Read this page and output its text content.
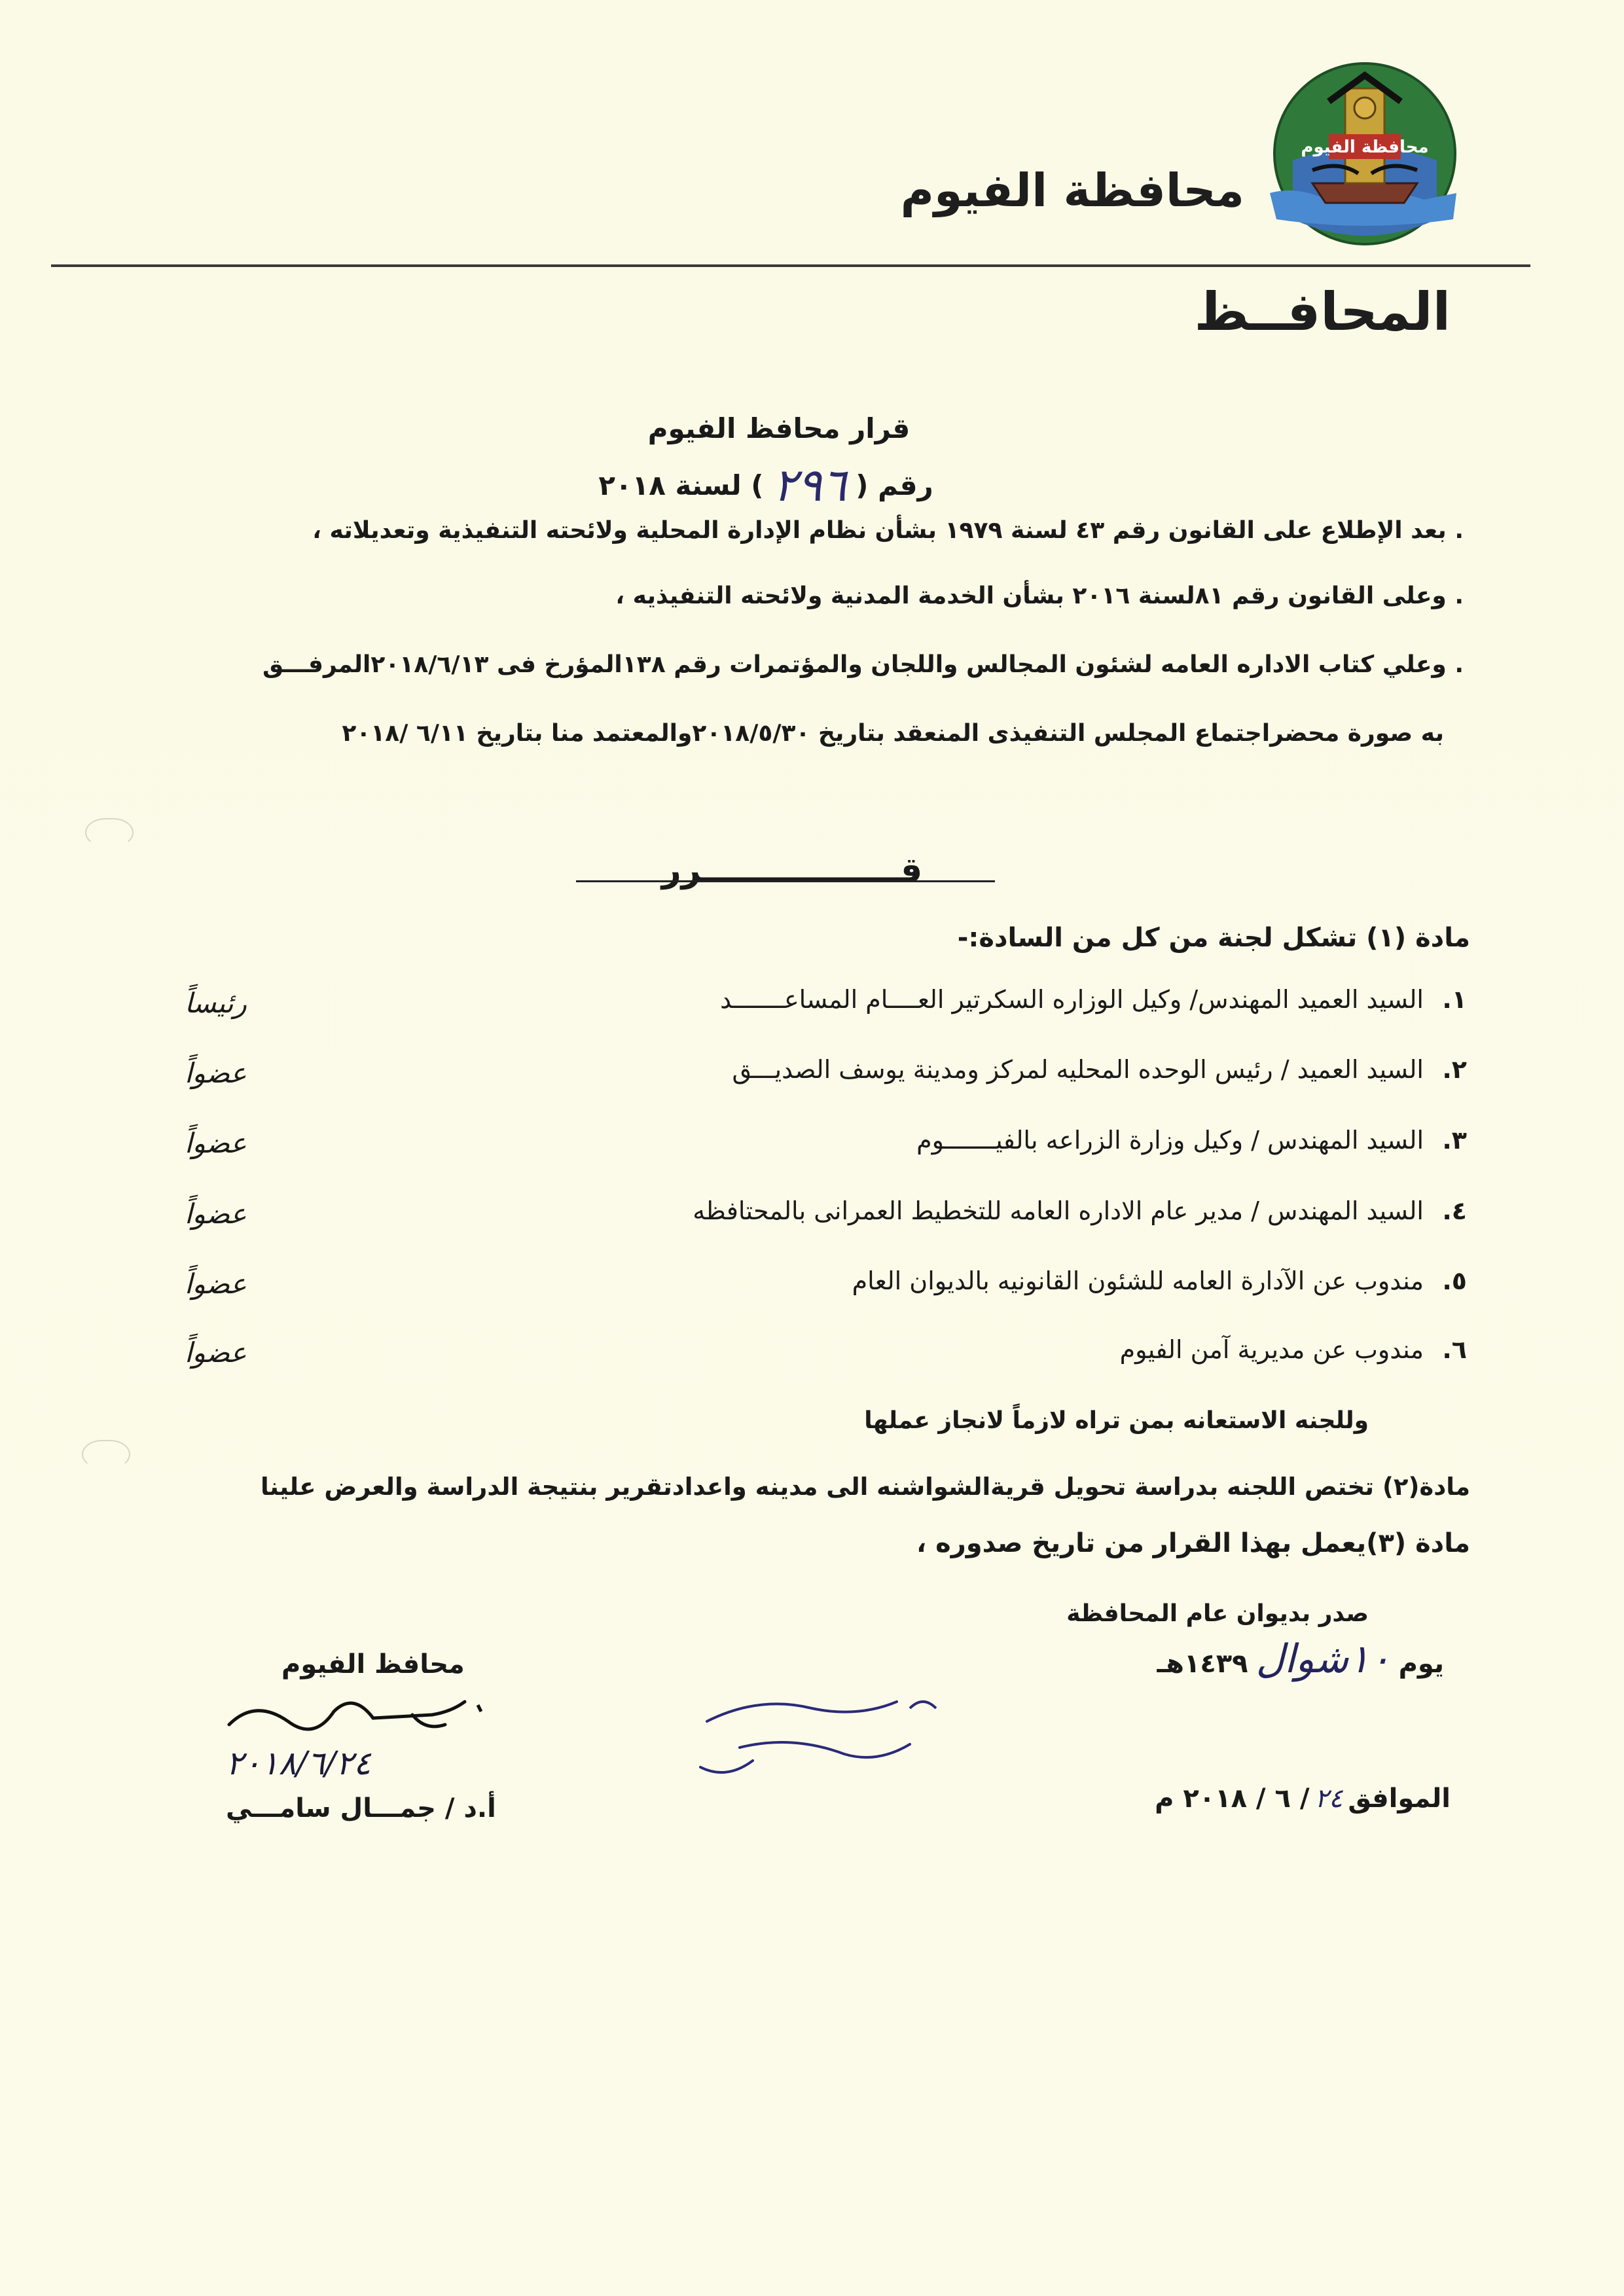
محافظة الفيوم
محافظة الفيوم
المحافــظ
قرار محافظ الفيوم
رقم (
٢٩٦
) لسنة ٢٠١٨
. بعد الإطلاع على القانون رقم ٤٣ لسنة ١٩٧٩ بشأن نظام الإدارة المحلية ولائحته التنفيذية وتعديلاته ،
. وعلى القانون رقم ٨١لسنة ٢٠١٦ بشأن الخدمة المدنية ولائحته التنفيذيه ،
. وعلي كتاب الاداره العامه لشئون المجالس واللجان والمؤتمرات رقم ١٣٨المؤرخ فى ٢٠١٨/٦/١٣المرفـــق
به صورة محضراجتماع المجلس التنفيذى المنعقد بتاريخ ٢٠١٨/٥/٣٠والمعتمد منا بتاريخ ٦/١١ /٢٠١٨
قـــــــــــــــــرر
مادة (١) تشكل لجنة من كل من السادة:-
١.
السيد العميد المهندس/ وكيل الوزاره السكرتير العــــام المساعـــــــد
رئيساً
٢.
السيد العميد / رئيس الوحده المحليه لمركز ومدينة يوسف الصديـــق
عضواً
٣.
السيد المهندس / وكيل وزارة الزراعه بالفيـــــــوم
عضواً
٤.
السيد المهندس / مدير عام الاداره العامه للتخطيط العمرانى بالمحتافظه
عضواً
٥.
مندوب عن الآدارة العامه للشئون القانونيه بالديوان العام
عضواً
٦.
مندوب عن مديرية آمن الفيوم
عضواً
وللجنه الاستعانه بمن تراه لازماً لانجاز عملها
مادة(٢) تختص اللجنه بدراسة تحويل قريةالشواشنه الى مدينه واعدادتقرير بنتيجة الدراسة والعرض علينا
مادة (٣)يعمل بهذا القرار من تاريخ صدوره ،
صدر بديوان عام المحافظة
يوم
١٠شوال
١٤٣٩هـ
الموافق
٢٤
/ ٦ / ٢٠١٨ م
محافظ الفيوم
٢٠١٨/٦/٢٤
أ.د / جمـــال سامـــي
